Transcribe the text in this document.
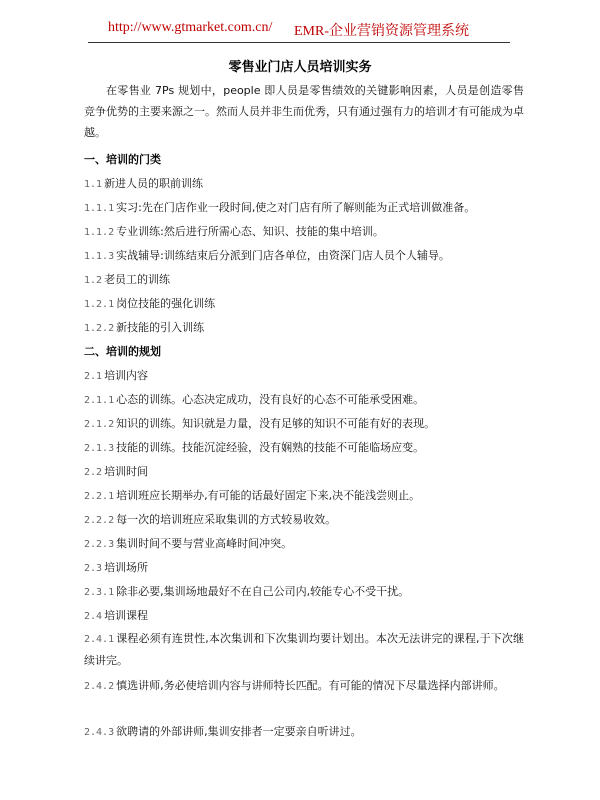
http://www.gtmarket.com.cn/ EMR-企业营销资源管理系统
零售业门店人员培训实务
在零售业 7Ps 规划中，people 即人员是零售绩效的关键影响因素，人员是创造零售竞争优势的主要来源之一。然而人员并非生而优秀，只有通过强有力的培训才有可能成为卓越。
一、培训的门类
1.1 新进人员的职前训练
1.1.1 实习:先在门店作业一段时间,使之对门店有所了解则能为正式培训做准备。
1.1.2 专业训练:然后进行所需心态、知识、技能的集中培训。
1.1.3 实战辅导:训练结束后分派到门店各单位，由资深门店人员个人辅导。
1.2 老员工的训练
1.2.1 岗位技能的强化训练
1.2.2 新技能的引入训练
二、培训的规划
2.1 培训内容
2.1.1 心态的训练。心态决定成功，没有良好的心态不可能承受困难。
2.1.2 知识的训练。知识就是力量，没有足够的知识不可能有好的表现。
2.1.3 技能的训练。技能沉淀经验，没有娴熟的技能不可能临场应变。
2.2 培训时间
2.2.1 培训班应长期举办,有可能的话最好固定下来,决不能浅尝则止。
2.2.2 每一次的培训班应采取集训的方式较易收效。
2.2.3 集训时间不要与营业高峰时间冲突。
2.3 培训场所
2.3.1 除非必要,集训场地最好不在自己公司内,较能专心不受干扰。
2.4 培训课程
2.4.1 课程必须有连贯性,本次集训和下次集训均要计划出。本次无法讲完的课程,于下次继续讲完。
2.4.2 慎选讲师,务必使培训内容与讲师特长匹配。有可能的情况下尽量选择内部讲师。
2.4.3 欲聘请的外部讲师,集训安排者一定要亲自听讲过。
